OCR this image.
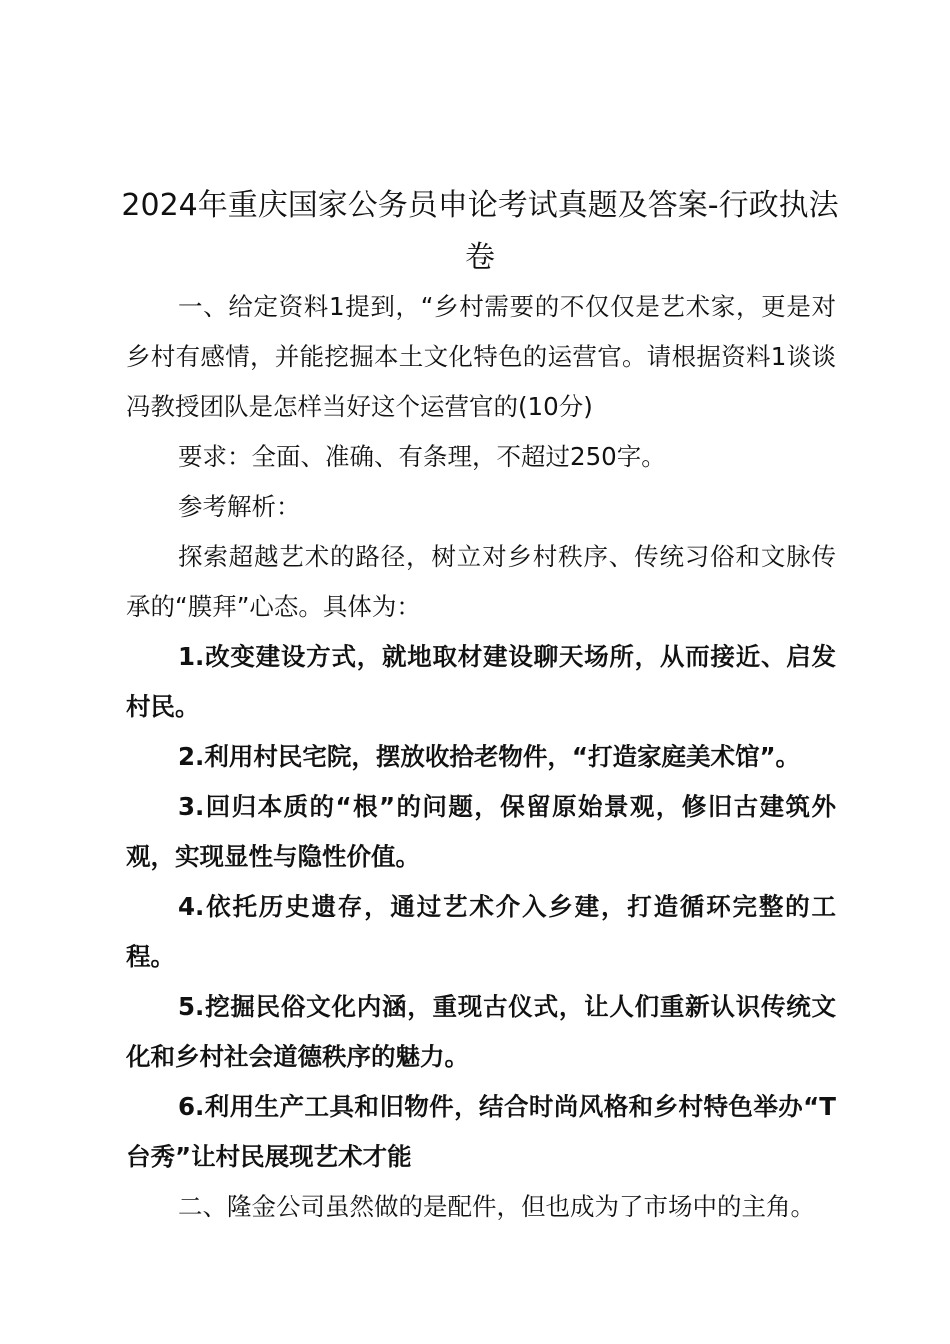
2024年重庆国家公务员申论考试真题及答案-行政执法卷

一、给定资料1提到，“乡村需要的不仅仅是艺术家，更是对乡村有感情，并能挖掘本土文化特色的运营官。请根据资料1谈谈冯教授团队是怎样当好这个运营官的(10分)

要求：全面、准确、有条理，不超过250字。

参考解析：

探索超越艺术的路径，树立对乡村秩序、传统习俗和文脉传承的“膜拜”心态。具体为：

1.改变建设方式，就地取材建设聊天场所，从而接近、启发村民。

2.利用村民宅院，摆放收拾老物件，“打造家庭美术馆”。

3.回归本质的“根”的问题，保留原始景观，修旧古建筑外观，实现显性与隐性价值。

4.依托历史遗存，通过艺术介入乡建，打造循环完整的工程。

5.挖掘民俗文化内涵，重现古仪式，让人们重新认识传统文化和乡村社会道德秩序的魅力。

6.利用生产工具和旧物件，结合时尚风格和乡村特色举办“T台秀”让村民展现艺术才能

二、隆金公司虽然做的是配件，但也成为了市场中的主角。
